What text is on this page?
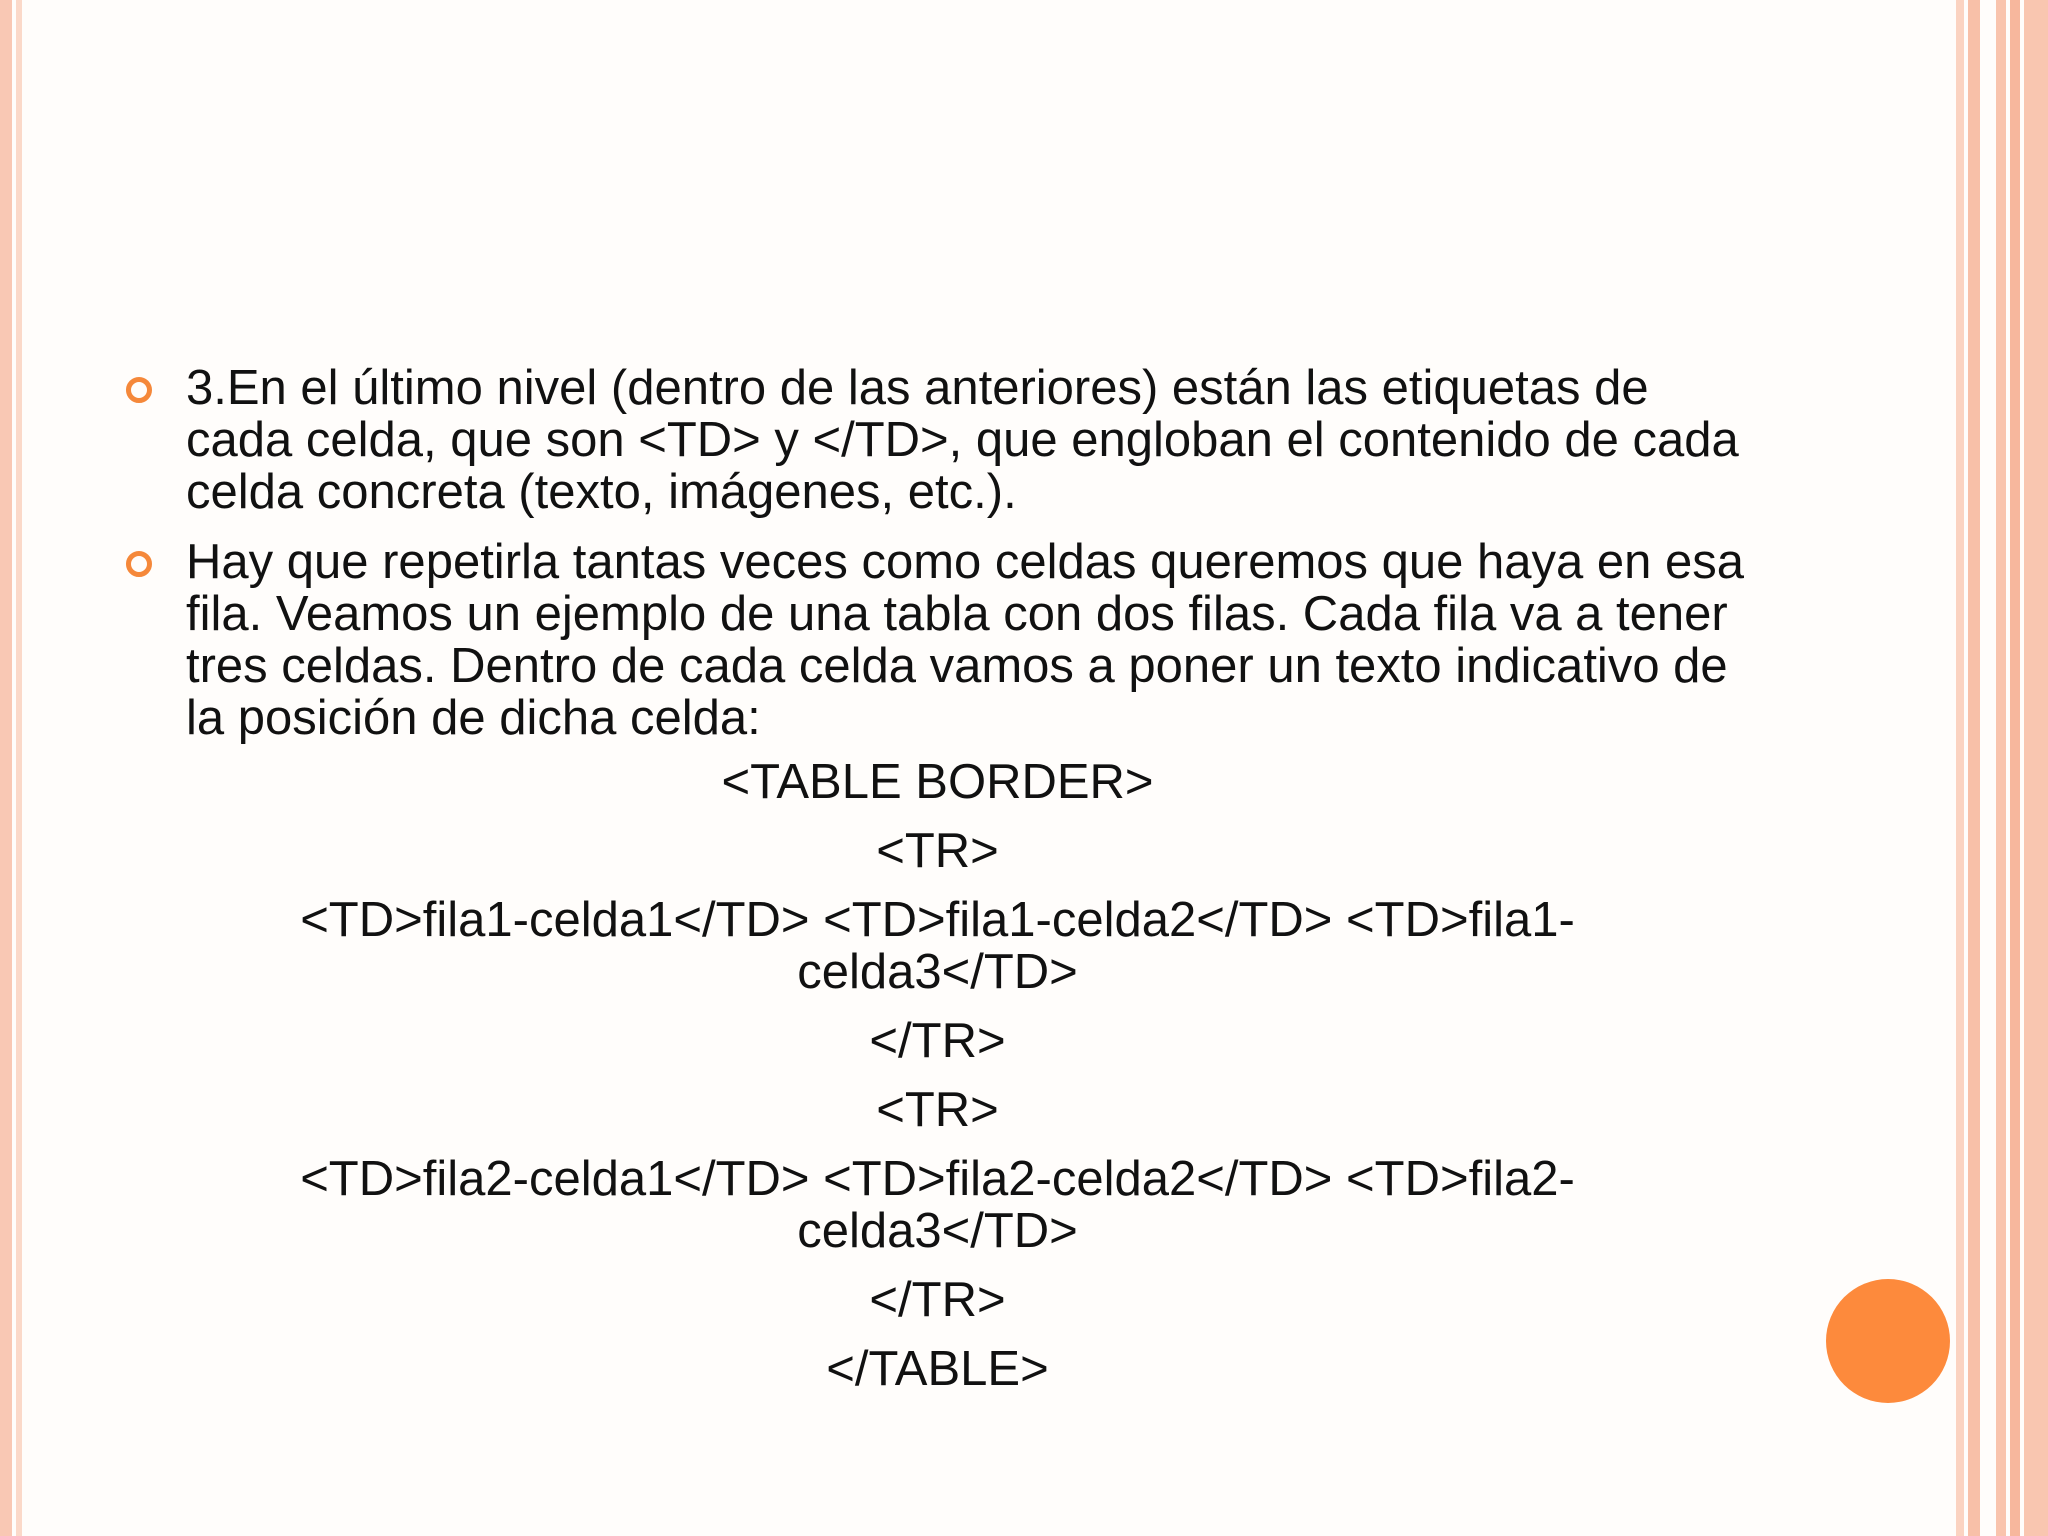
3.En el último nivel (dentro de las anteriores) están las etiquetas de cada celda, que son <TD> y </TD>, que engloban el contenido de cada celda concreta (texto, imágenes, etc.).
Hay que repetirla tantas veces como celdas queremos que haya en esa fila. Veamos un ejemplo de una tabla con dos filas. Cada fila va a tener tres celdas. Dentro de cada celda vamos a poner un texto indicativo de la posición de dicha celda:

<TABLE BORDER>

<TR>

<TD>fila1-celda1</TD> <TD>fila1-celda2</TD> <TD>fila1-

celda3</TD>

</TR>

<TR>

<TD>fila2-celda1</TD> <TD>fila2-celda2</TD> <TD>fila2-

celda3</TD>

</TR>

</TABLE>
